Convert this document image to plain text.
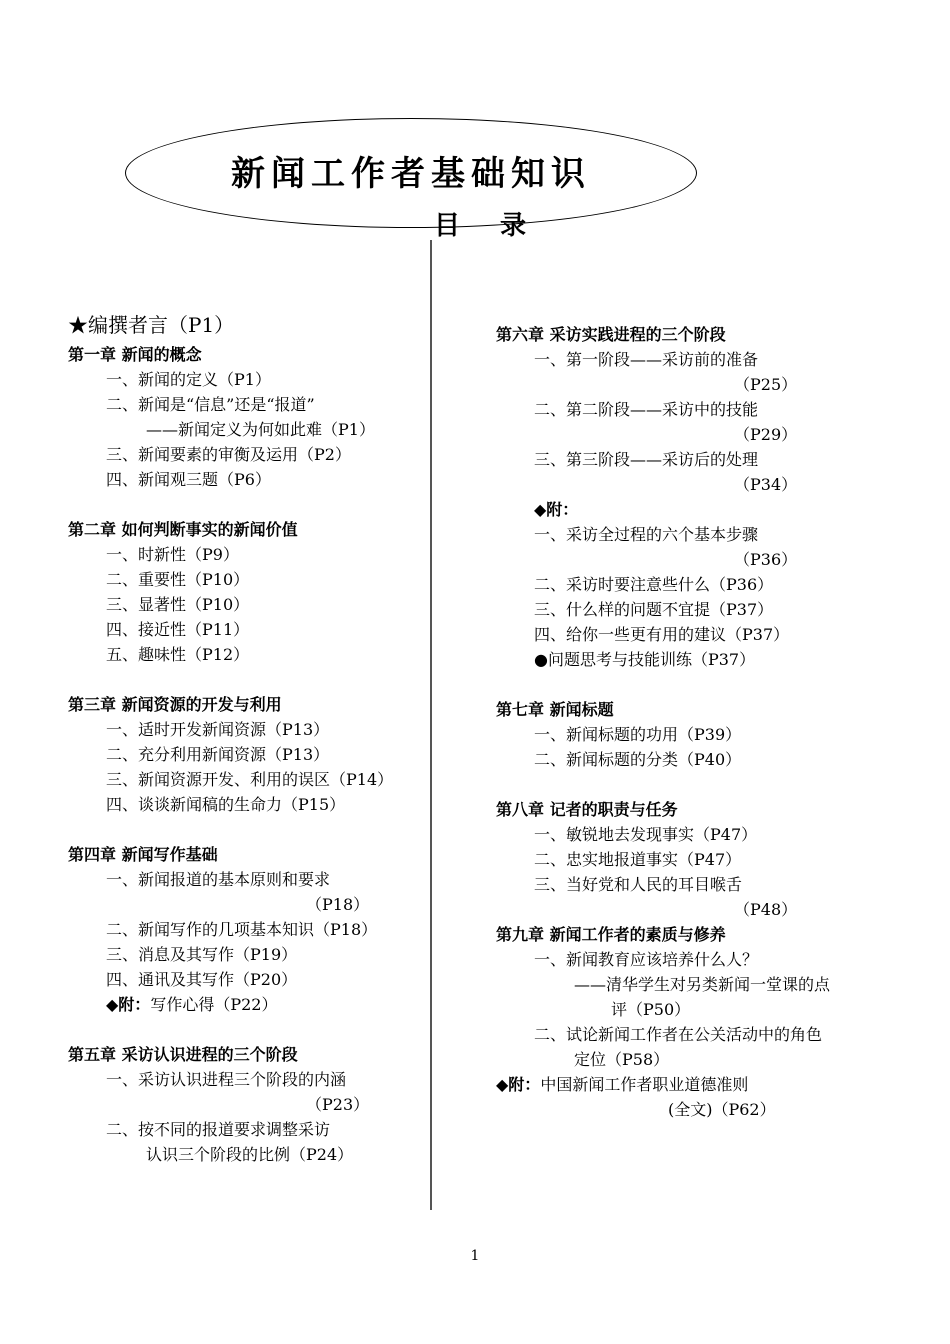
新闻工作者基础知识
目 录
★编撰者言（P1）
第一章 新闻的概念
一、新闻的定义（P1）
二、新闻是“信息”还是“报道”
——新闻定义为何如此难（P1）
三、新闻要素的审衡及运用（P2）
四、新闻观三题（P6）
第二章 如何判断事实的新闻价值
一、时新性（P9）
二、重要性（P10）
三、显著性（P10）
四、接近性（P11）
五、趣味性（P12）
第三章 新闻资源的开发与利用
一、适时开发新闻资源（P13）
二、充分利用新闻资源（P13）
三、新闻资源开发、利用的误区（P14）
四、谈谈新闻稿的生命力（P15）
第四章 新闻写作基础
一、新闻报道的基本原则和要求
（P18）
二、新闻写作的几项基本知识（P18）
三、消息及其写作（P19）
四、通讯及其写作（P20）
◆附：写作心得（P22）
第五章 采访认识进程的三个阶段
一、采访认识进程三个阶段的内涵
（P23）
二、按不同的报道要求调整采访
认识三个阶段的比例（P24）
第六章 采访实践进程的三个阶段
一、第一阶段——采访前的准备
（P25）
二、第二阶段——采访中的技能
（P29）
三、第三阶段——采访后的处理
（P34）
◆附：
一、采访全过程的六个基本步骤
（P36）
二、采访时要注意些什么（P36）
三、什么样的问题不宜提（P37）
四、给你一些更有用的建议（P37）
●问题思考与技能训练（P37）
第七章 新闻标题
一、新闻标题的功用（P39）
二、新闻标题的分类（P40）
第八章 记者的职责与任务
一、敏锐地去发现事实（P47）
二、忠实地报道事实（P47）
三、当好党和人民的耳目喉舌
（P48）
第九章 新闻工作者的素质与修养
一、新闻教育应该培养什么人？
——清华学生对另类新闻一堂课的点
评（P50）
二、试论新闻工作者在公关活动中的角色
定位（P58）
◆附：中国新闻工作者职业道德准则
(全文)（P62）
1
